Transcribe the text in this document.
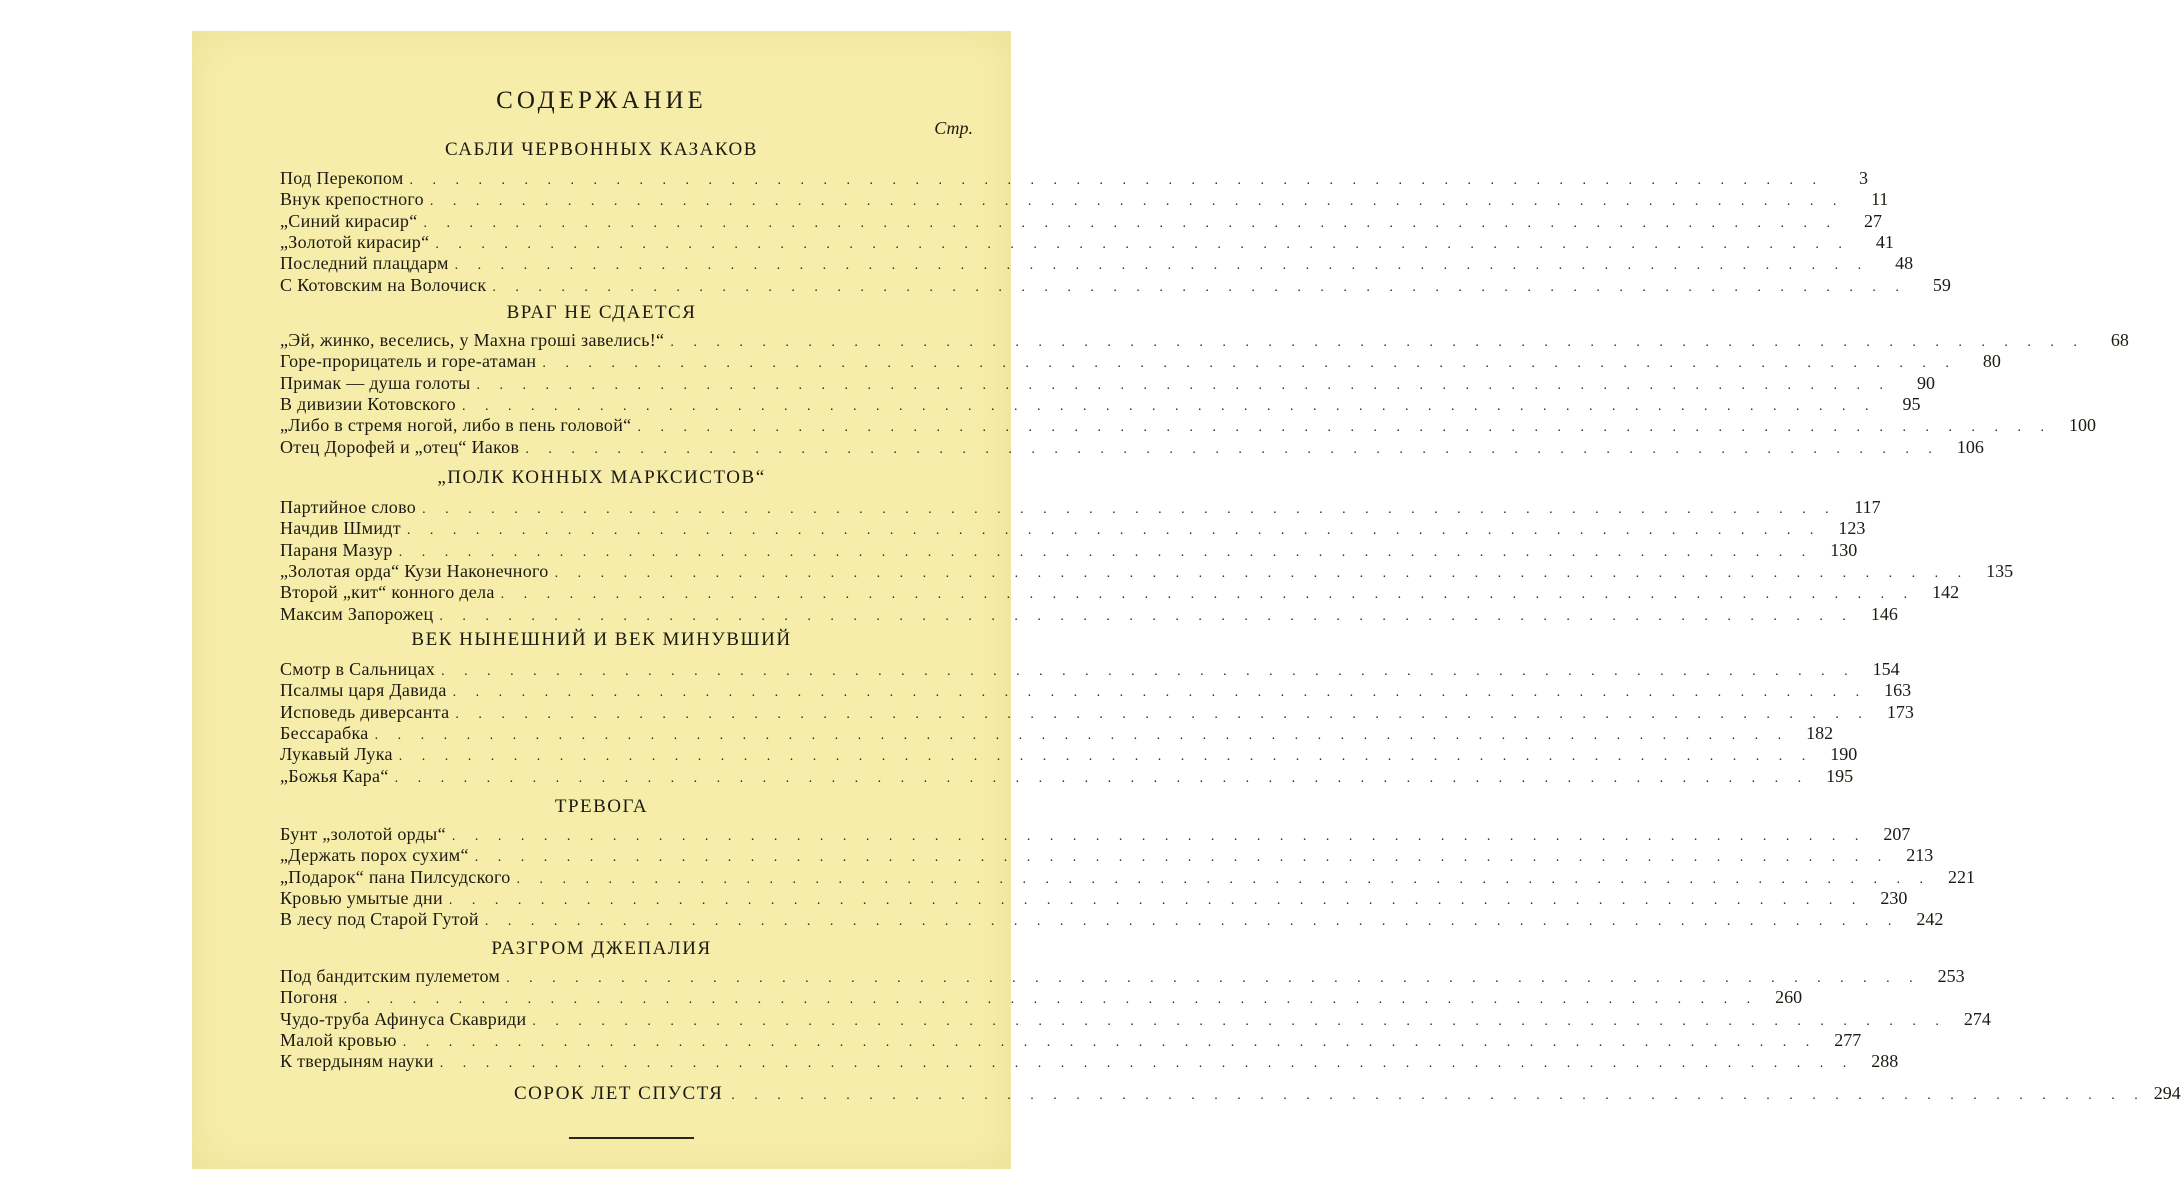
СОДЕРЖАНИЕ
Стр.
САБЛИ ЧЕРВОННЫХ КАЗАКОВ
Под Перекопом . . . . . . . . . . . . . . . . . . . . . . . . . . . . . . . . . . . . . . . . . . . . . . . . . . . . . . . . . . . . . .	3
Внук крепостного . . . . . . . . . . . . . . . . . . . . . . . . . . . . . . . . . . . . . . . . . . . . . . . . . . . . . . . . . . . . . .	11
„Синий кирасир“ . . . . . . . . . . . . . . . . . . . . . . . . . . . . . . . . . . . . . . . . . . . . . . . . . . . . . . . . . . . . . .	27
„Золотой кирасир“ . . . . . . . . . . . . . . . . . . . . . . . . . . . . . . . . . . . . . . . . . . . . . . . . . . . . . . . . . . . . . .	41
Последний плацдарм . . . . . . . . . . . . . . . . . . . . . . . . . . . . . . . . . . . . . . . . . . . . . . . . . . . . . . . . . . . . . .	48
С Котовским на Волочиск . . . . . . . . . . . . . . . . . . . . . . . . . . . . . . . . . . . . . . . . . . . . . . . . . . . . . . . . . . . . . .	59
ВРАГ НЕ СДАЕТСЯ
„Эй, жинко, веселись, у Махна гроші завелись!“ . . . . . . . . . . . . . . . . . . . . . . . . . . . . . . . . . . . . . . . . . . . . . . . . . . . . . . . . . . . . . .	68
Горе-прорицатель и горе-атаман . . . . . . . . . . . . . . . . . . . . . . . . . . . . . . . . . . . . . . . . . . . . . . . . . . . . . . . . . . . . . .	80
Примак — душа голоты . . . . . . . . . . . . . . . . . . . . . . . . . . . . . . . . . . . . . . . . . . . . . . . . . . . . . . . . . . . . . .	90
В дивизии Котовского . . . . . . . . . . . . . . . . . . . . . . . . . . . . . . . . . . . . . . . . . . . . . . . . . . . . . . . . . . . . . .	95
„Либо в стремя ногой, либо в пень головой“ . . . . . . . . . . . . . . . . . . . . . . . . . . . . . . . . . . . . . . . . . . . . . . . . . . . . . . . . . . . . . . 100
Отец Дорофей и „отец“ Иаков . . . . . . . . . . . . . . . . . . . . . . . . . . . . . . . . . . . . . . . . . . . . . . . . . . . . . . . . . . . . . . 106
„ПОЛК КОННЫХ МАРКСИСТОВ“
Партийное слово . . . . . . . . . . . . . . . . . . . . . . . . . . . . . . . . . . . . . . . . . . . . . . . . . . . . . . . . . . . . . . 117
Начдив Шмидт . . . . . . . . . . . . . . . . . . . . . . . . . . . . . . . . . . . . . . . . . . . . . . . . . . . . . . . . . . . . . . 123
Параня Мазур . . . . . . . . . . . . . . . . . . . . . . . . . . . . . . . . . . . . . . . . . . . . . . . . . . . . . . . . . . . . . . 130
„Золотая орда“ Кузи Наконечного . . . . . . . . . . . . . . . . . . . . . . . . . . . . . . . . . . . . . . . . . . . . . . . . . . . . . . . . . . . . . . 135
Второй „кит“ конного дела . . . . . . . . . . . . . . . . . . . . . . . . . . . . . . . . . . . . . . . . . . . . . . . . . . . . . . . . . . . . . . 142
Максим Запорожец . . . . . . . . . . . . . . . . . . . . . . . . . . . . . . . . . . . . . . . . . . . . . . . . . . . . . . . . . . . . . . 146
ВЕК НЫНЕШНИЙ И ВЕК МИНУВШИЙ
Смотр в Сальницах . . . . . . . . . . . . . . . . . . . . . . . . . . . . . . . . . . . . . . . . . . . . . . . . . . . . . . . . . . . . . . 154
Псалмы царя Давида . . . . . . . . . . . . . . . . . . . . . . . . . . . . . . . . . . . . . . . . . . . . . . . . . . . . . . . . . . . . . . 163
Исповедь диверсанта . . . . . . . . . . . . . . . . . . . . . . . . . . . . . . . . . . . . . . . . . . . . . . . . . . . . . . . . . . . . . . 173
Бессарабка . . . . . . . . . . . . . . . . . . . . . . . . . . . . . . . . . . . . . . . . . . . . . . . . . . . . . . . . . . . . . . 182
Лукавый Лука . . . . . . . . . . . . . . . . . . . . . . . . . . . . . . . . . . . . . . . . . . . . . . . . . . . . . . . . . . . . . . 190
„Божья Кара“ . . . . . . . . . . . . . . . . . . . . . . . . . . . . . . . . . . . . . . . . . . . . . . . . . . . . . . . . . . . . . . 195
ТРЕВОГА
Бунт „золотой орды“ . . . . . . . . . . . . . . . . . . . . . . . . . . . . . . . . . . . . . . . . . . . . . . . . . . . . . . . . . . . . . . 207
„Держать порох сухим“ . . . . . . . . . . . . . . . . . . . . . . . . . . . . . . . . . . . . . . . . . . . . . . . . . . . . . . . . . . . . . . 213
„Подарок“ пана Пилсудского . . . . . . . . . . . . . . . . . . . . . . . . . . . . . . . . . . . . . . . . . . . . . . . . . . . . . . . . . . . . . . 221
Кровью умытые дни . . . . . . . . . . . . . . . . . . . . . . . . . . . . . . . . . . . . . . . . . . . . . . . . . . . . . . . . . . . . . . 230
В лесу под Старой Гутой . . . . . . . . . . . . . . . . . . . . . . . . . . . . . . . . . . . . . . . . . . . . . . . . . . . . . . . . . . . . . . 242
РАЗГРОМ ДЖЕПАЛИЯ
Под бандитским пулеметом . . . . . . . . . . . . . . . . . . . . . . . . . . . . . . . . . . . . . . . . . . . . . . . . . . . . . . . . . . . . . . 253
Погоня . . . . . . . . . . . . . . . . . . . . . . . . . . . . . . . . . . . . . . . . . . . . . . . . . . . . . . . . . . . . . . 260
Чудо-труба Афинуса Скавриди . . . . . . . . . . . . . . . . . . . . . . . . . . . . . . . . . . . . . . . . . . . . . . . . . . . . . . . . . . . . . . 274
Малой кровью . . . . . . . . . . . . . . . . . . . . . . . . . . . . . . . . . . . . . . . . . . . . . . . . . . . . . . . . . . . . . . 277
К твердыням науки . . . . . . . . . . . . . . . . . . . . . . . . . . . . . . . . . . . . . . . . . . . . . . . . . . . . . . . . . . . . . . 288
СОРОК ЛЕТ СПУСТЯ . . . . . . . . . . . . . . . . . . . . . . . . . . . . . . . . . . . . . . . . . . . . . . . . . . . . . . . . . . . . . . 294
